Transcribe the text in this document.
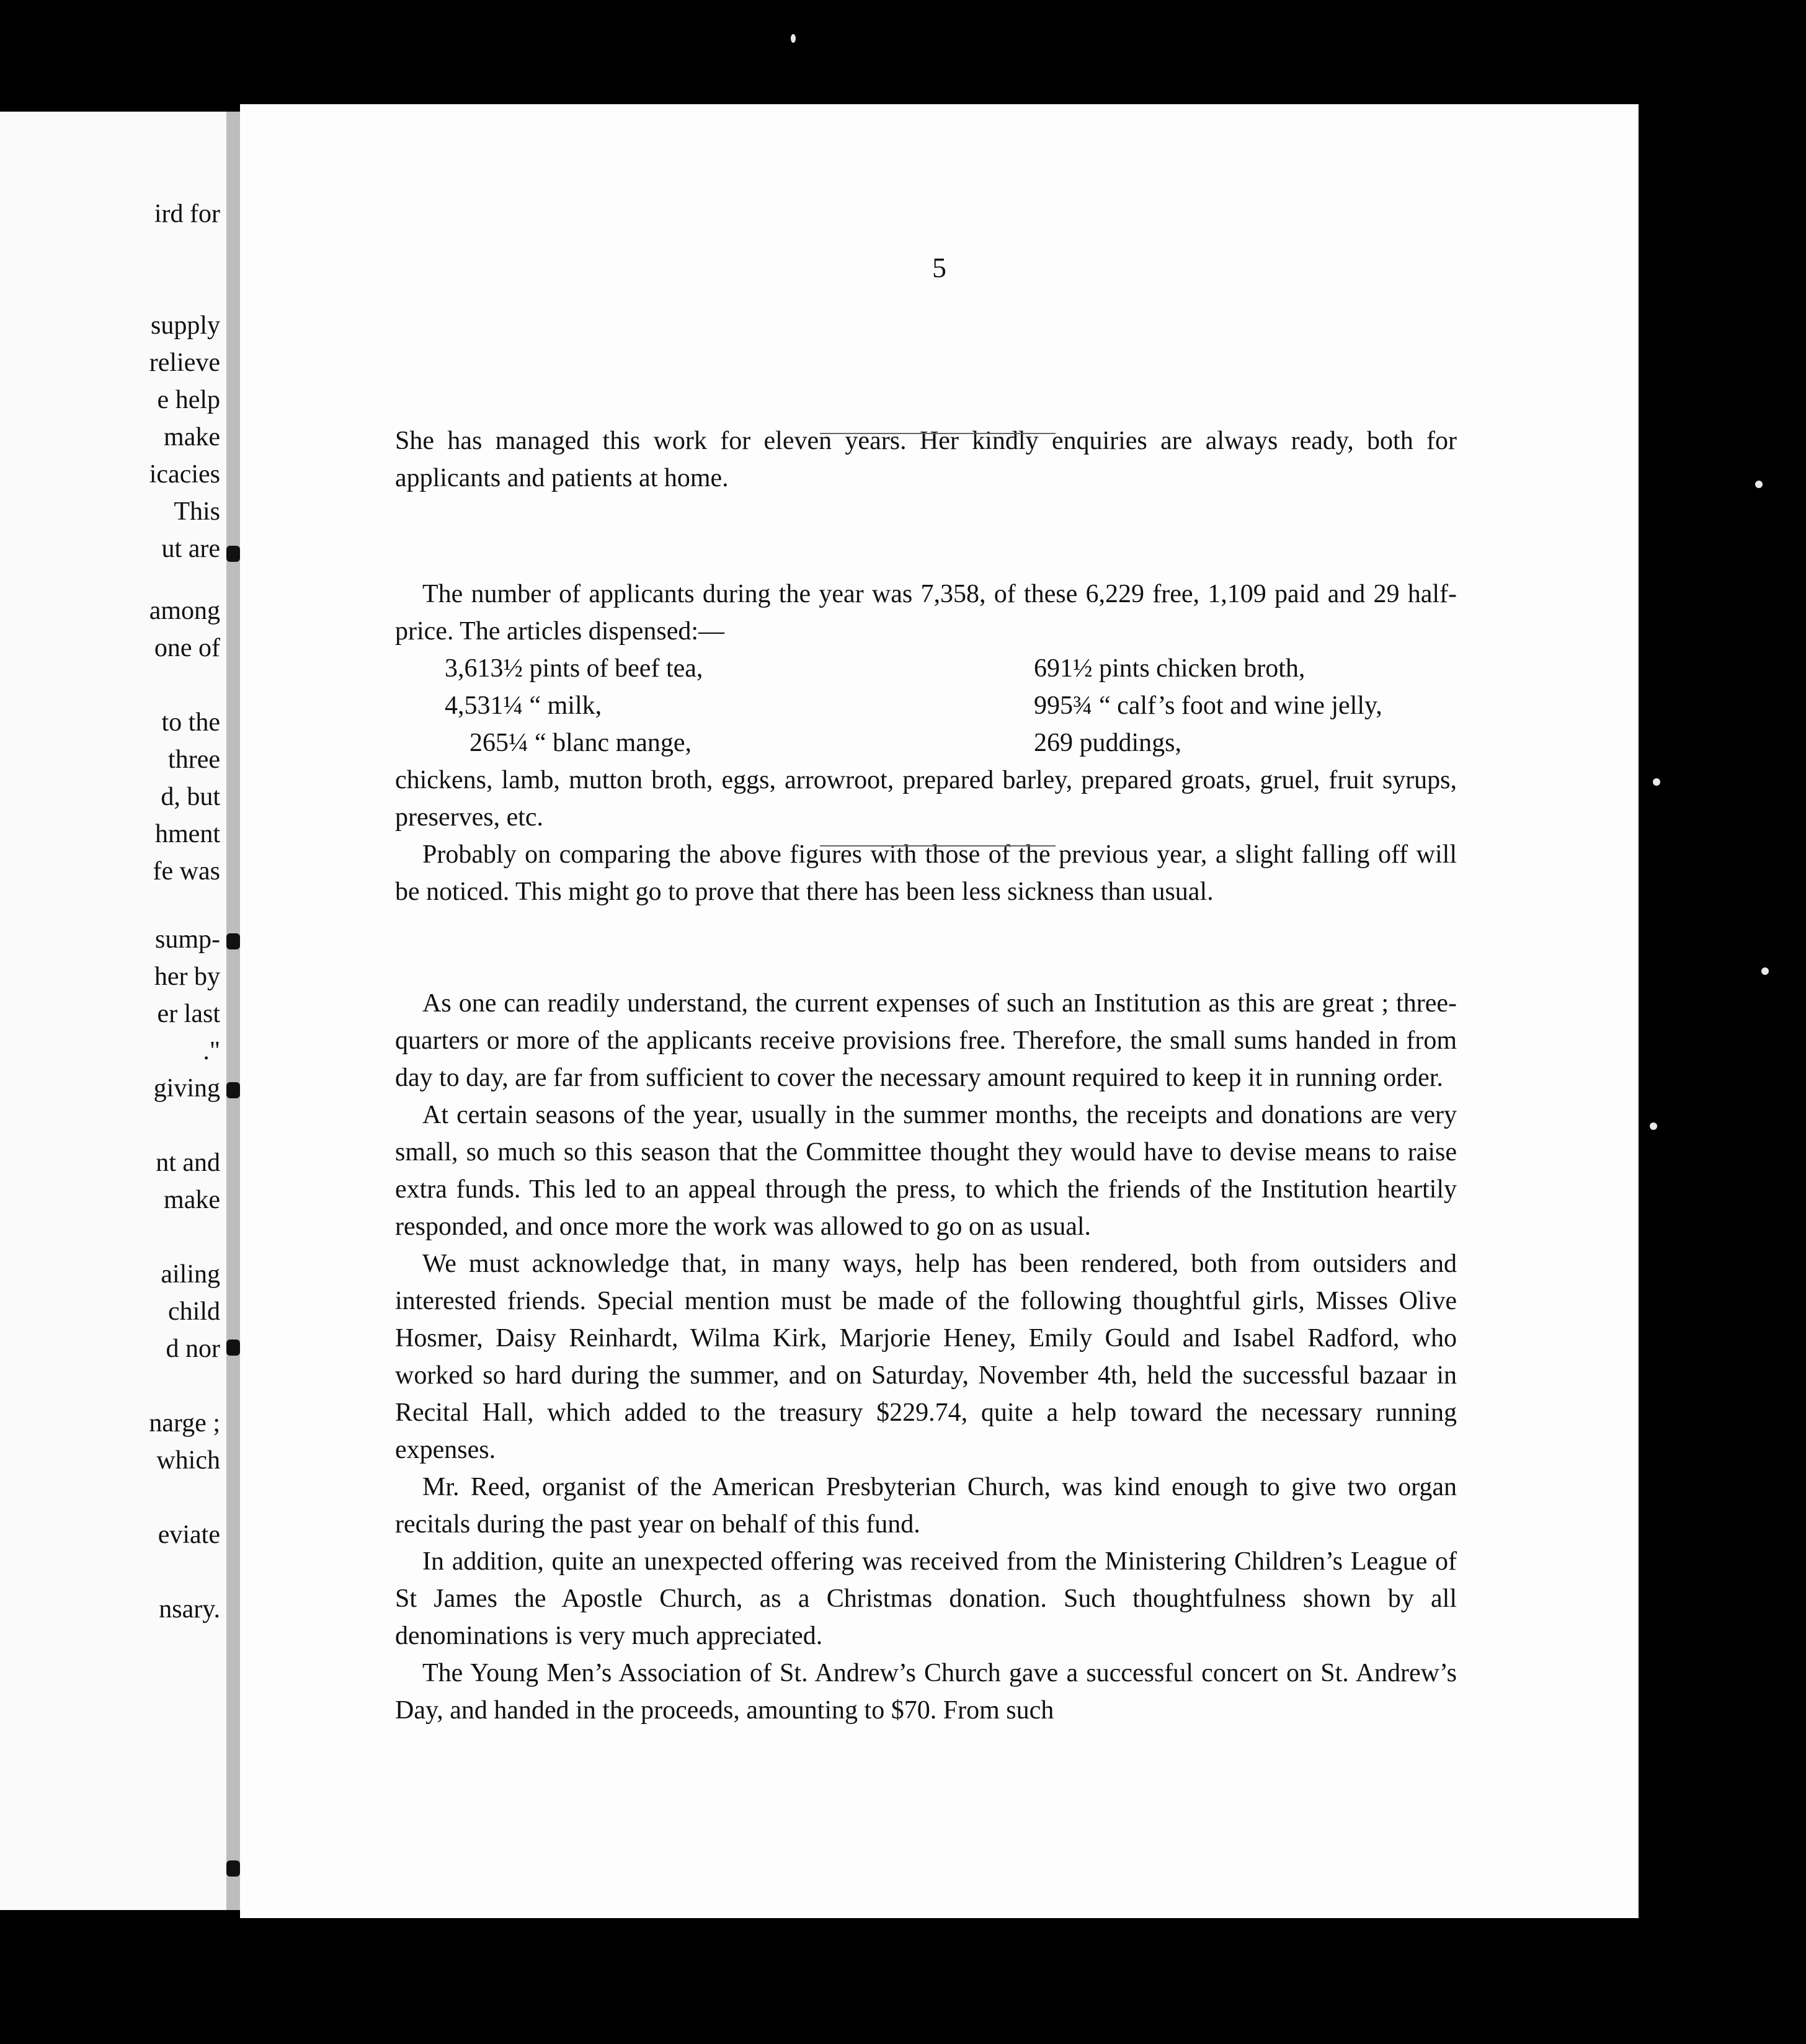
ird for
supply
relieve
e help
make
icacies
This
ut are
among
one of
to the
three
d, but
hment
fe was
sump-
her by
er last
."
giving
nt and
make
ailing
child
d nor
narge ;
which
eviate
nsary.
5

She has managed this work for eleven years. Her kindly enquiries are always ready, both for applicants and patients at home.

The number of applicants during the year was 7,358, of these 6,229 free, 1,109 paid and 29 half-price. The articles dispensed:—

3,613½ pints of beef tea,	691½ pints chicken broth,
4,531¼ “ milk,	995¾ “ calf’s foot and wine jelly,
265¼ “ blanc mange,	269 puddings,

chickens, lamb, mutton broth, eggs, arrowroot, prepared barley, prepared groats, gruel, fruit syrups, preserves, etc.

Probably on comparing the above figures with those of the previous year, a slight falling off will be noticed. This might go to prove that there has been less sickness than usual.

As one can readily understand, the current expenses of such an Institution as this are great ; three-quarters or more of the applicants receive provisions free. Therefore, the small sums handed in from day to day, are far from sufficient to cover the necessary amount required to keep it in running order.

At certain seasons of the year, usually in the summer months, the receipts and donations are very small, so much so this season that the Committee thought they would have to devise means to raise extra funds. This led to an appeal through the press, to which the friends of the Institution heartily responded, and once more the work was allowed to go on as usual.

We must acknowledge that, in many ways, help has been rendered, both from outsiders and interested friends. Special mention must be made of the following thoughtful girls, Misses Olive Hosmer, Daisy Reinhardt, Wilma Kirk, Marjorie Heney, Emily Gould and Isabel Radford, who worked so hard during the summer, and on Saturday, November 4th, held the successful bazaar in Recital Hall, which added to the treasury $229.74, quite a help toward the necessary running expenses.

Mr. Reed, organist of the American Presbyterian Church, was kind enough to give two organ recitals during the past year on behalf of this fund.

In addition, quite an unexpected offering was received from the Ministering Children’s League of St James the Apostle Church, as a Christmas donation. Such thoughtfulness shown by all denominations is very much appreciated.

The Young Men’s Association of St. Andrew’s Church gave a successful concert on St. Andrew’s Day, and handed in the proceeds, amounting to $70. From such
